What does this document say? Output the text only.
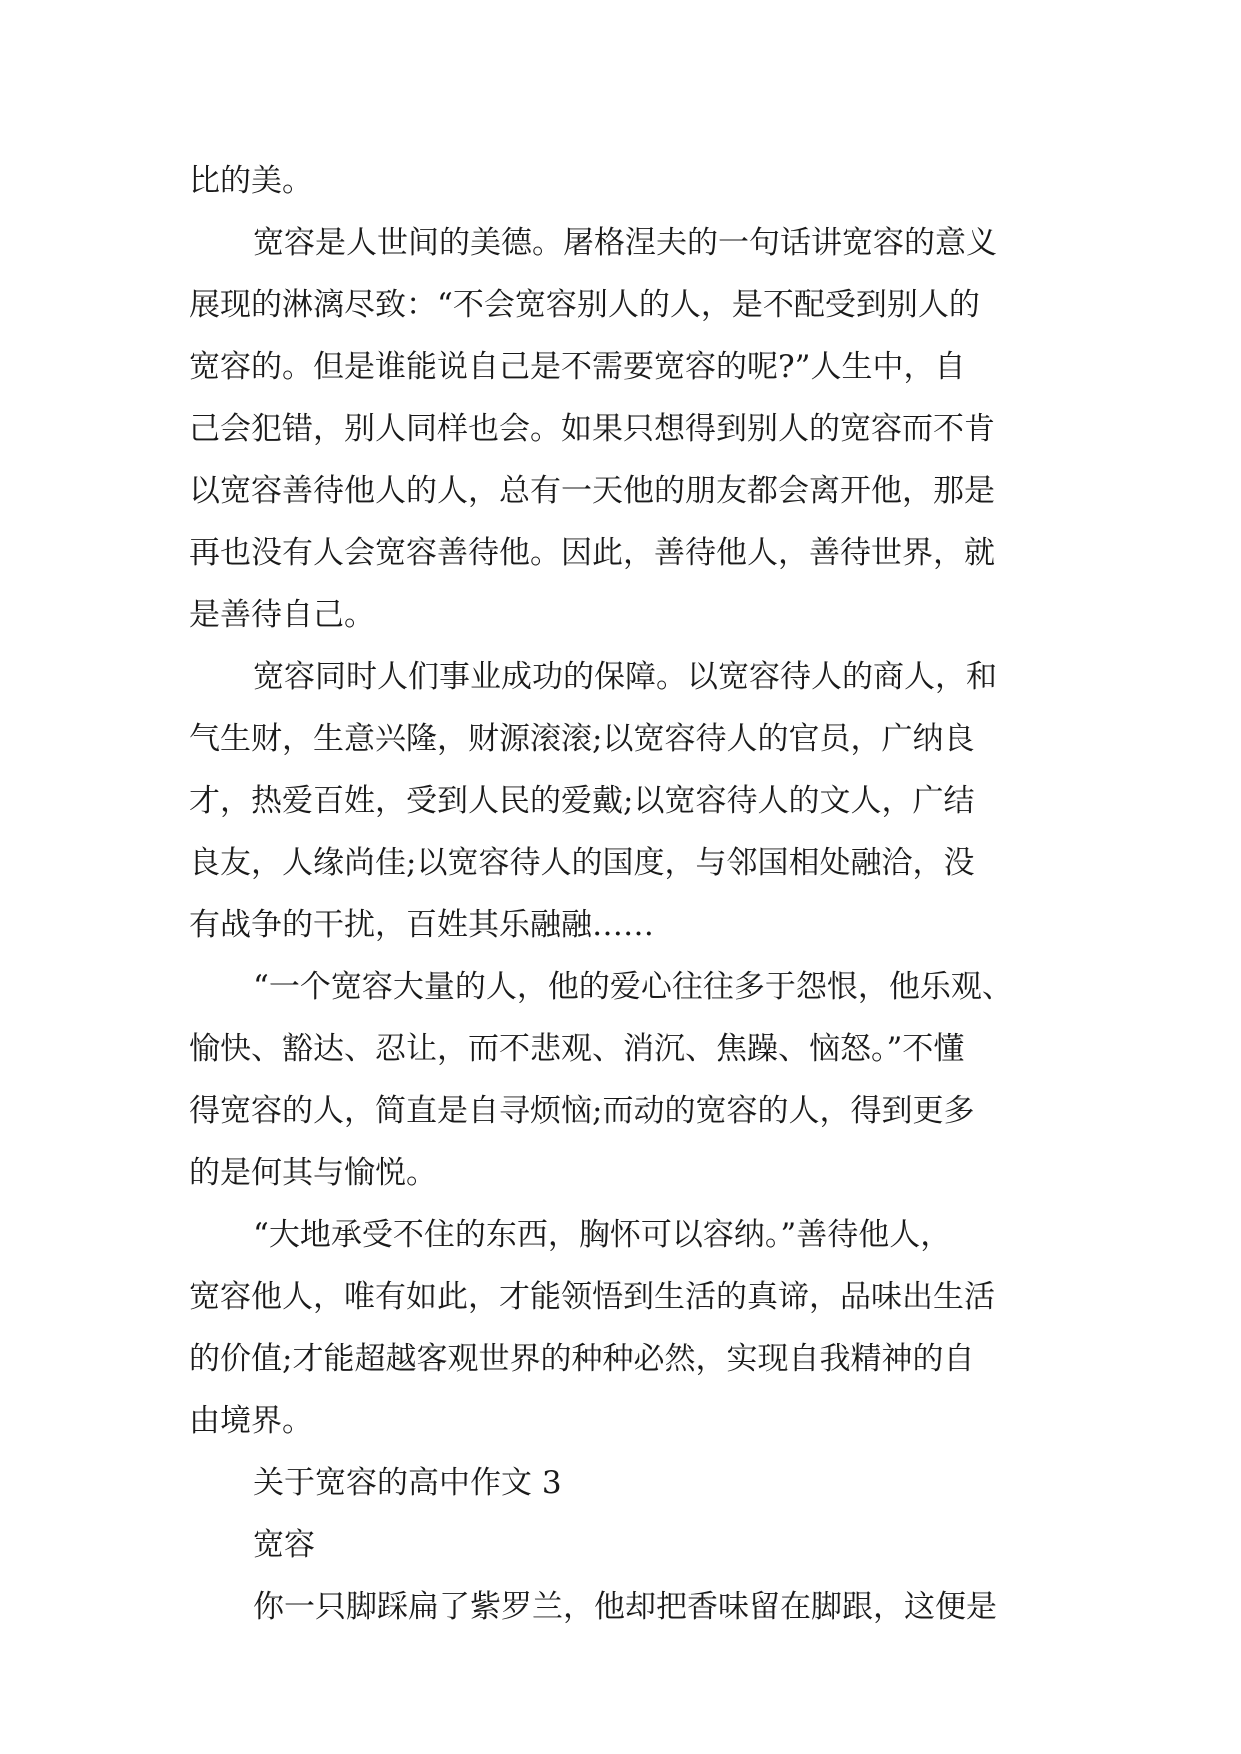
比的美。
宽容是人世间的美德。屠格涅夫的一句话讲宽容的意义
展现的淋漓尽致：“不会宽容别人的人，是不配受到别人的
宽容的。但是谁能说自己是不需要宽容的呢?”人生中，自
己会犯错，别人同样也会。如果只想得到别人的宽容而不肯
以宽容善待他人的人，总有一天他的朋友都会离开他，那是
再也没有人会宽容善待他。因此，善待他人，善待世界，就
是善待自己。
宽容同时人们事业成功的保障。以宽容待人的商人，和
气生财，生意兴隆，财源滚滚;以宽容待人的官员，广纳良
才，热爱百姓，受到人民的爱戴;以宽容待人的文人，广结
良友，人缘尚佳;以宽容待人的国度，与邻国相处融洽，没
有战争的干扰，百姓其乐融融……
“一个宽容大量的人，他的爱心往往多于怨恨，他乐观、
愉快、豁达、忍让，而不悲观、消沉、焦躁、恼怒。”不懂
得宽容的人，简直是自寻烦恼;而动的宽容的人，得到更多
的是何其与愉悦。
“大地承受不住的东西，胸怀可以容纳。”善待他人，
宽容他人，唯有如此，才能领悟到生活的真谛，品味出生活
的价值;才能超越客观世界的种种必然，实现自我精神的自
由境界。
关于宽容的高中作文 3
宽容
你一只脚踩扁了紫罗兰，他却把香味留在脚跟，这便是
